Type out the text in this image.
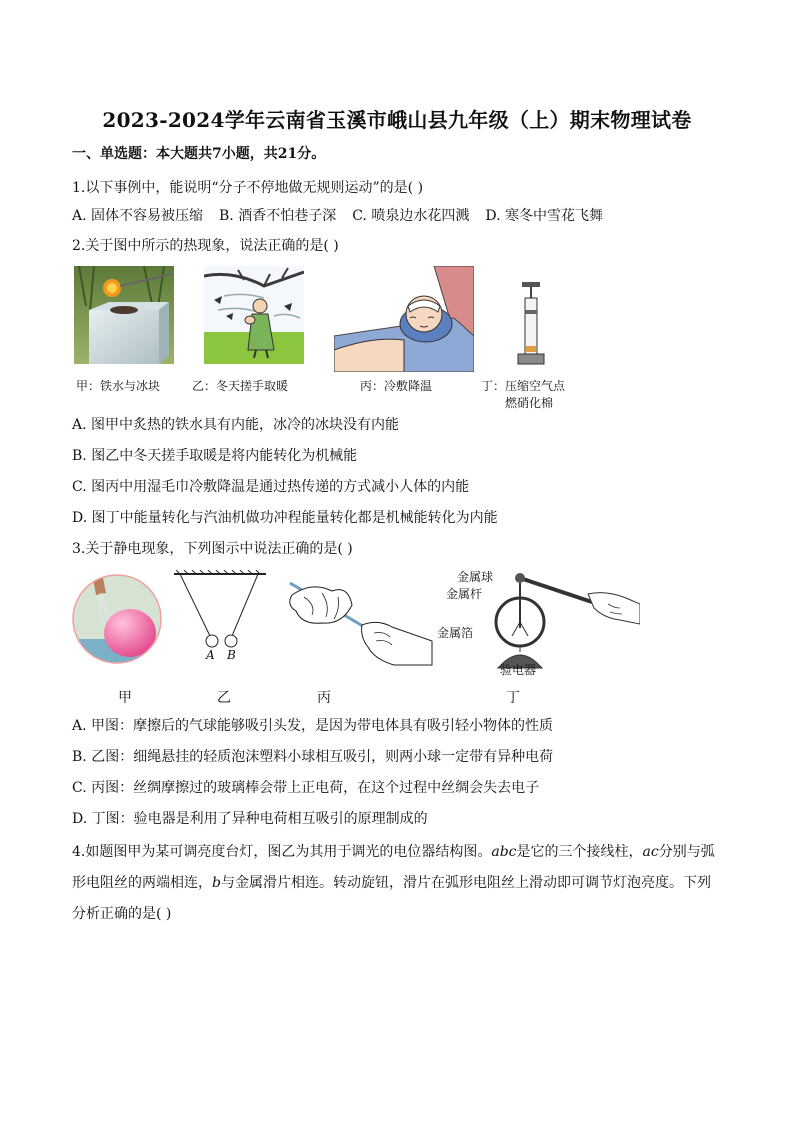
2023-2024学年云南省玉溪市峨山县九年级（上）期末物理试卷
一、单选题：本大题共7小题，共21分。
1.以下事例中，能说明“分子不停地做无规则运动”的是( )
A. 固体不容易被压缩 B. 酒香不怕巷子深 C. 喷泉边水花四溅 D. 寒冬中雪花飞舞
2.关于图中所示的热现象，说法正确的是( )
甲：铁水与冰块	乙：冬天搓手取暖	丙：冷敷降温	丁：压缩空气点
燃硝化棉
A. 图甲中炙热的铁水具有内能，冰冷的冰块没有内能
B. 图乙中冬天搓手取暖是将内能转化为机械能
C. 图丙中用湿毛巾冷敷降温是通过热传递的方式减小人体的内能
D. 图丁中能量转化与汽油机做功冲程能量转化都是机械能转化为内能
3.关于静电现象，下列图示中说法正确的是( )
A B
金属球
金属杆
金属箔
验电器
甲	乙	丙	丁
A. 甲图：摩擦后的气球能够吸引头发，是因为带电体具有吸引轻小物体的性质
B. 乙图：细绳悬挂的轻质泡沫塑料小球相互吸引，则两小球一定带有异种电荷
C. 丙图：丝绸摩擦过的玻璃棒会带上正电荷，在这个过程中丝绸会失去电子
D. 丁图：验电器是利用了异种电荷相互吸引的原理制成的
4.如题图甲为某可调亮度台灯，图乙为其用于调光的电位器结构图。abc是它的三个接线柱，ac分别与弧
形电阻丝的两端相连，b与金属滑片相连。转动旋钮，滑片在弧形电阻丝上滑动即可调节灯泡亮度。下列
分析正确的是( )
